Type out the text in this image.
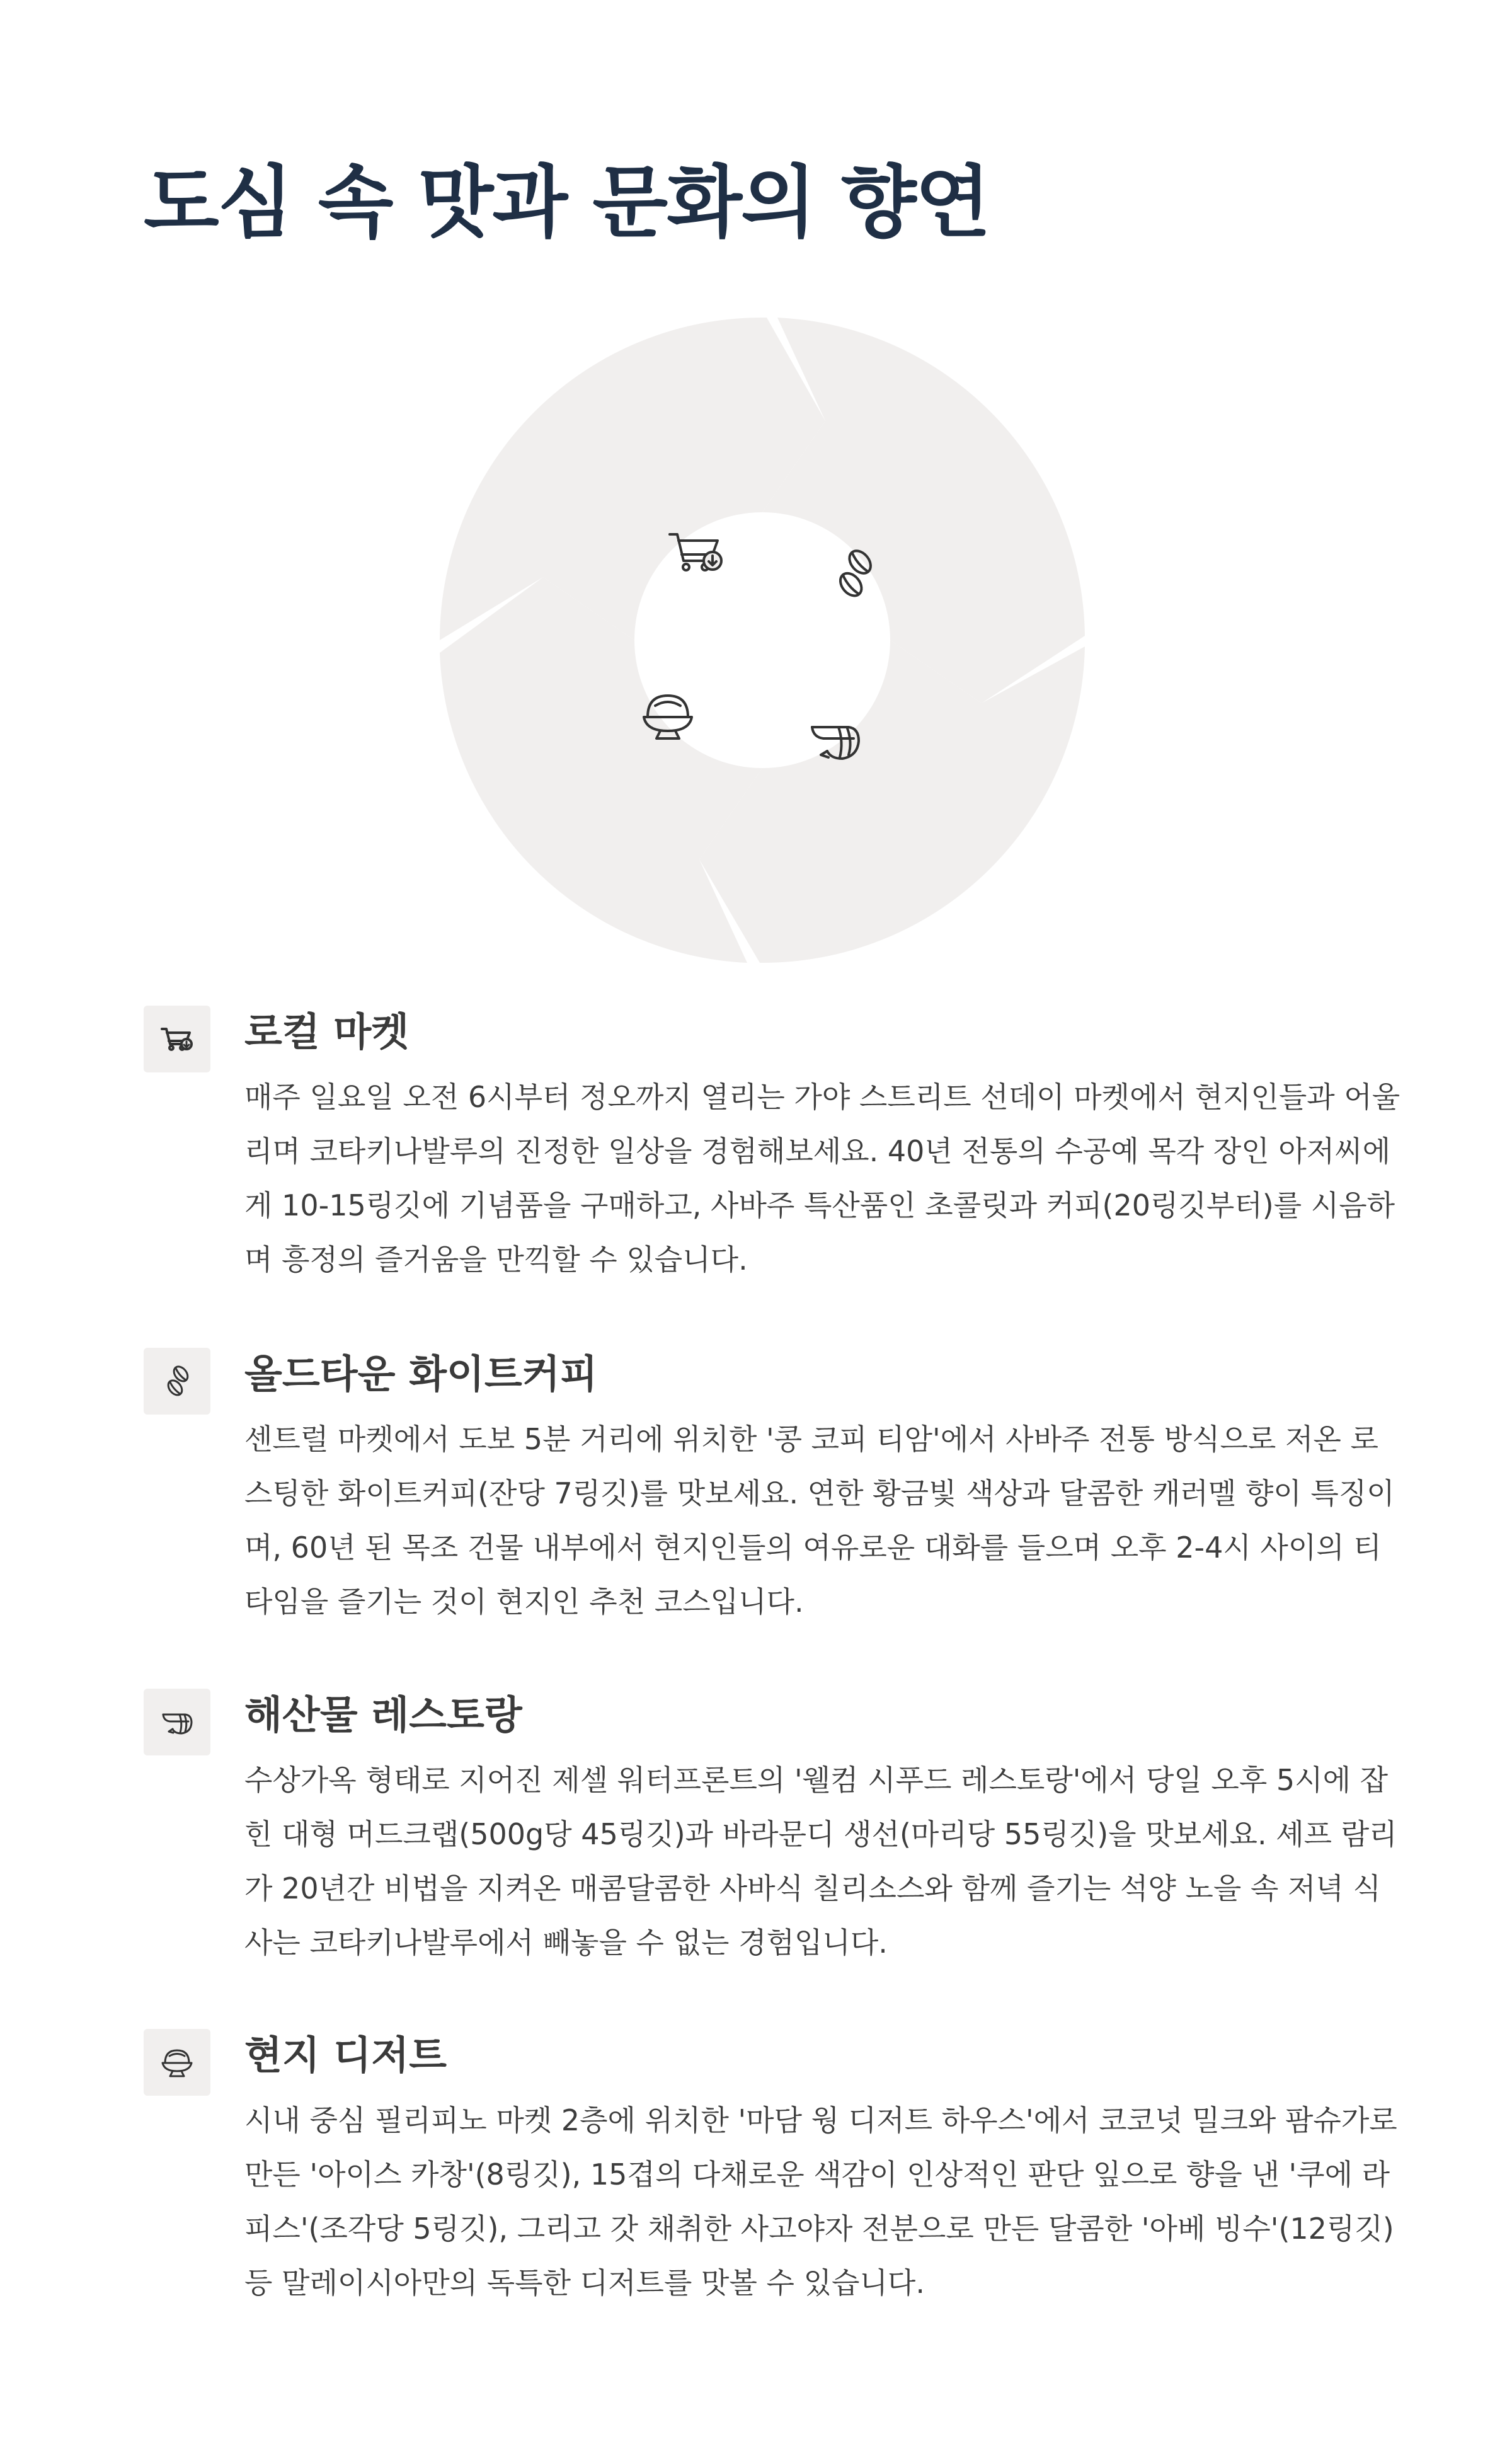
도심 속 맛과 문화의 향연
로컬 마켓

매주 일요일 오전 6시부터 정오까지 열리는 가야 스트리트 선데이 마켓에서 현지인들과 어울리며 코타키나발루의 진정한 일상을 경험해보세요. 40년 전통의 수공예 목각 장인 아저씨에게 10-15링깃에 기념품을 구매하고, 사바주 특산품인 초콜릿과 커피(20링깃부터)를 시음하며 흥정의 즐거움을 만끽할 수 있습니다.

올드타운 화이트커피

센트럴 마켓에서 도보 5분 거리에 위치한 '콩 코피 티암'에서 사바주 전통 방식으로 저온 로스팅한 화이트커피(잔당 7링깃)를 맛보세요. 연한 황금빛 색상과 달콤한 캐러멜 향이 특징이며, 60년 된 목조 건물 내부에서 현지인들의 여유로운 대화를 들으며 오후 2-4시 사이의 티타임을 즐기는 것이 현지인 추천 코스입니다.

해산물 레스토랑

수상가옥 형태로 지어진 제셀 워터프론트의 '웰컴 시푸드 레스토랑'에서 당일 오후 5시에 잡힌 대형 머드크랩(500g당 45링깃)과 바라문디 생선(마리당 55링깃)을 맛보세요. 셰프 람리가 20년간 비법을 지켜온 매콤달콤한 사바식 칠리소스와 함께 즐기는 석양 노을 속 저녁 식사는 코타키나발루에서 빼놓을 수 없는 경험입니다.

현지 디저트

시내 중심 필리피노 마켓 2층에 위치한 '마담 웡 디저트 하우스'에서 코코넛 밀크와 팜슈가로 만든 '아이스 카창'(8링깃), 15겹의 다채로운 색감이 인상적인 판단 잎으로 향을 낸 '쿠에 라피스'(조각당 5링깃), 그리고 갓 채취한 사고야자 전분으로 만든 달콤한 '아베 빙수'(12링깃) 등 말레이시아만의 독특한 디저트를 맛볼 수 있습니다.
